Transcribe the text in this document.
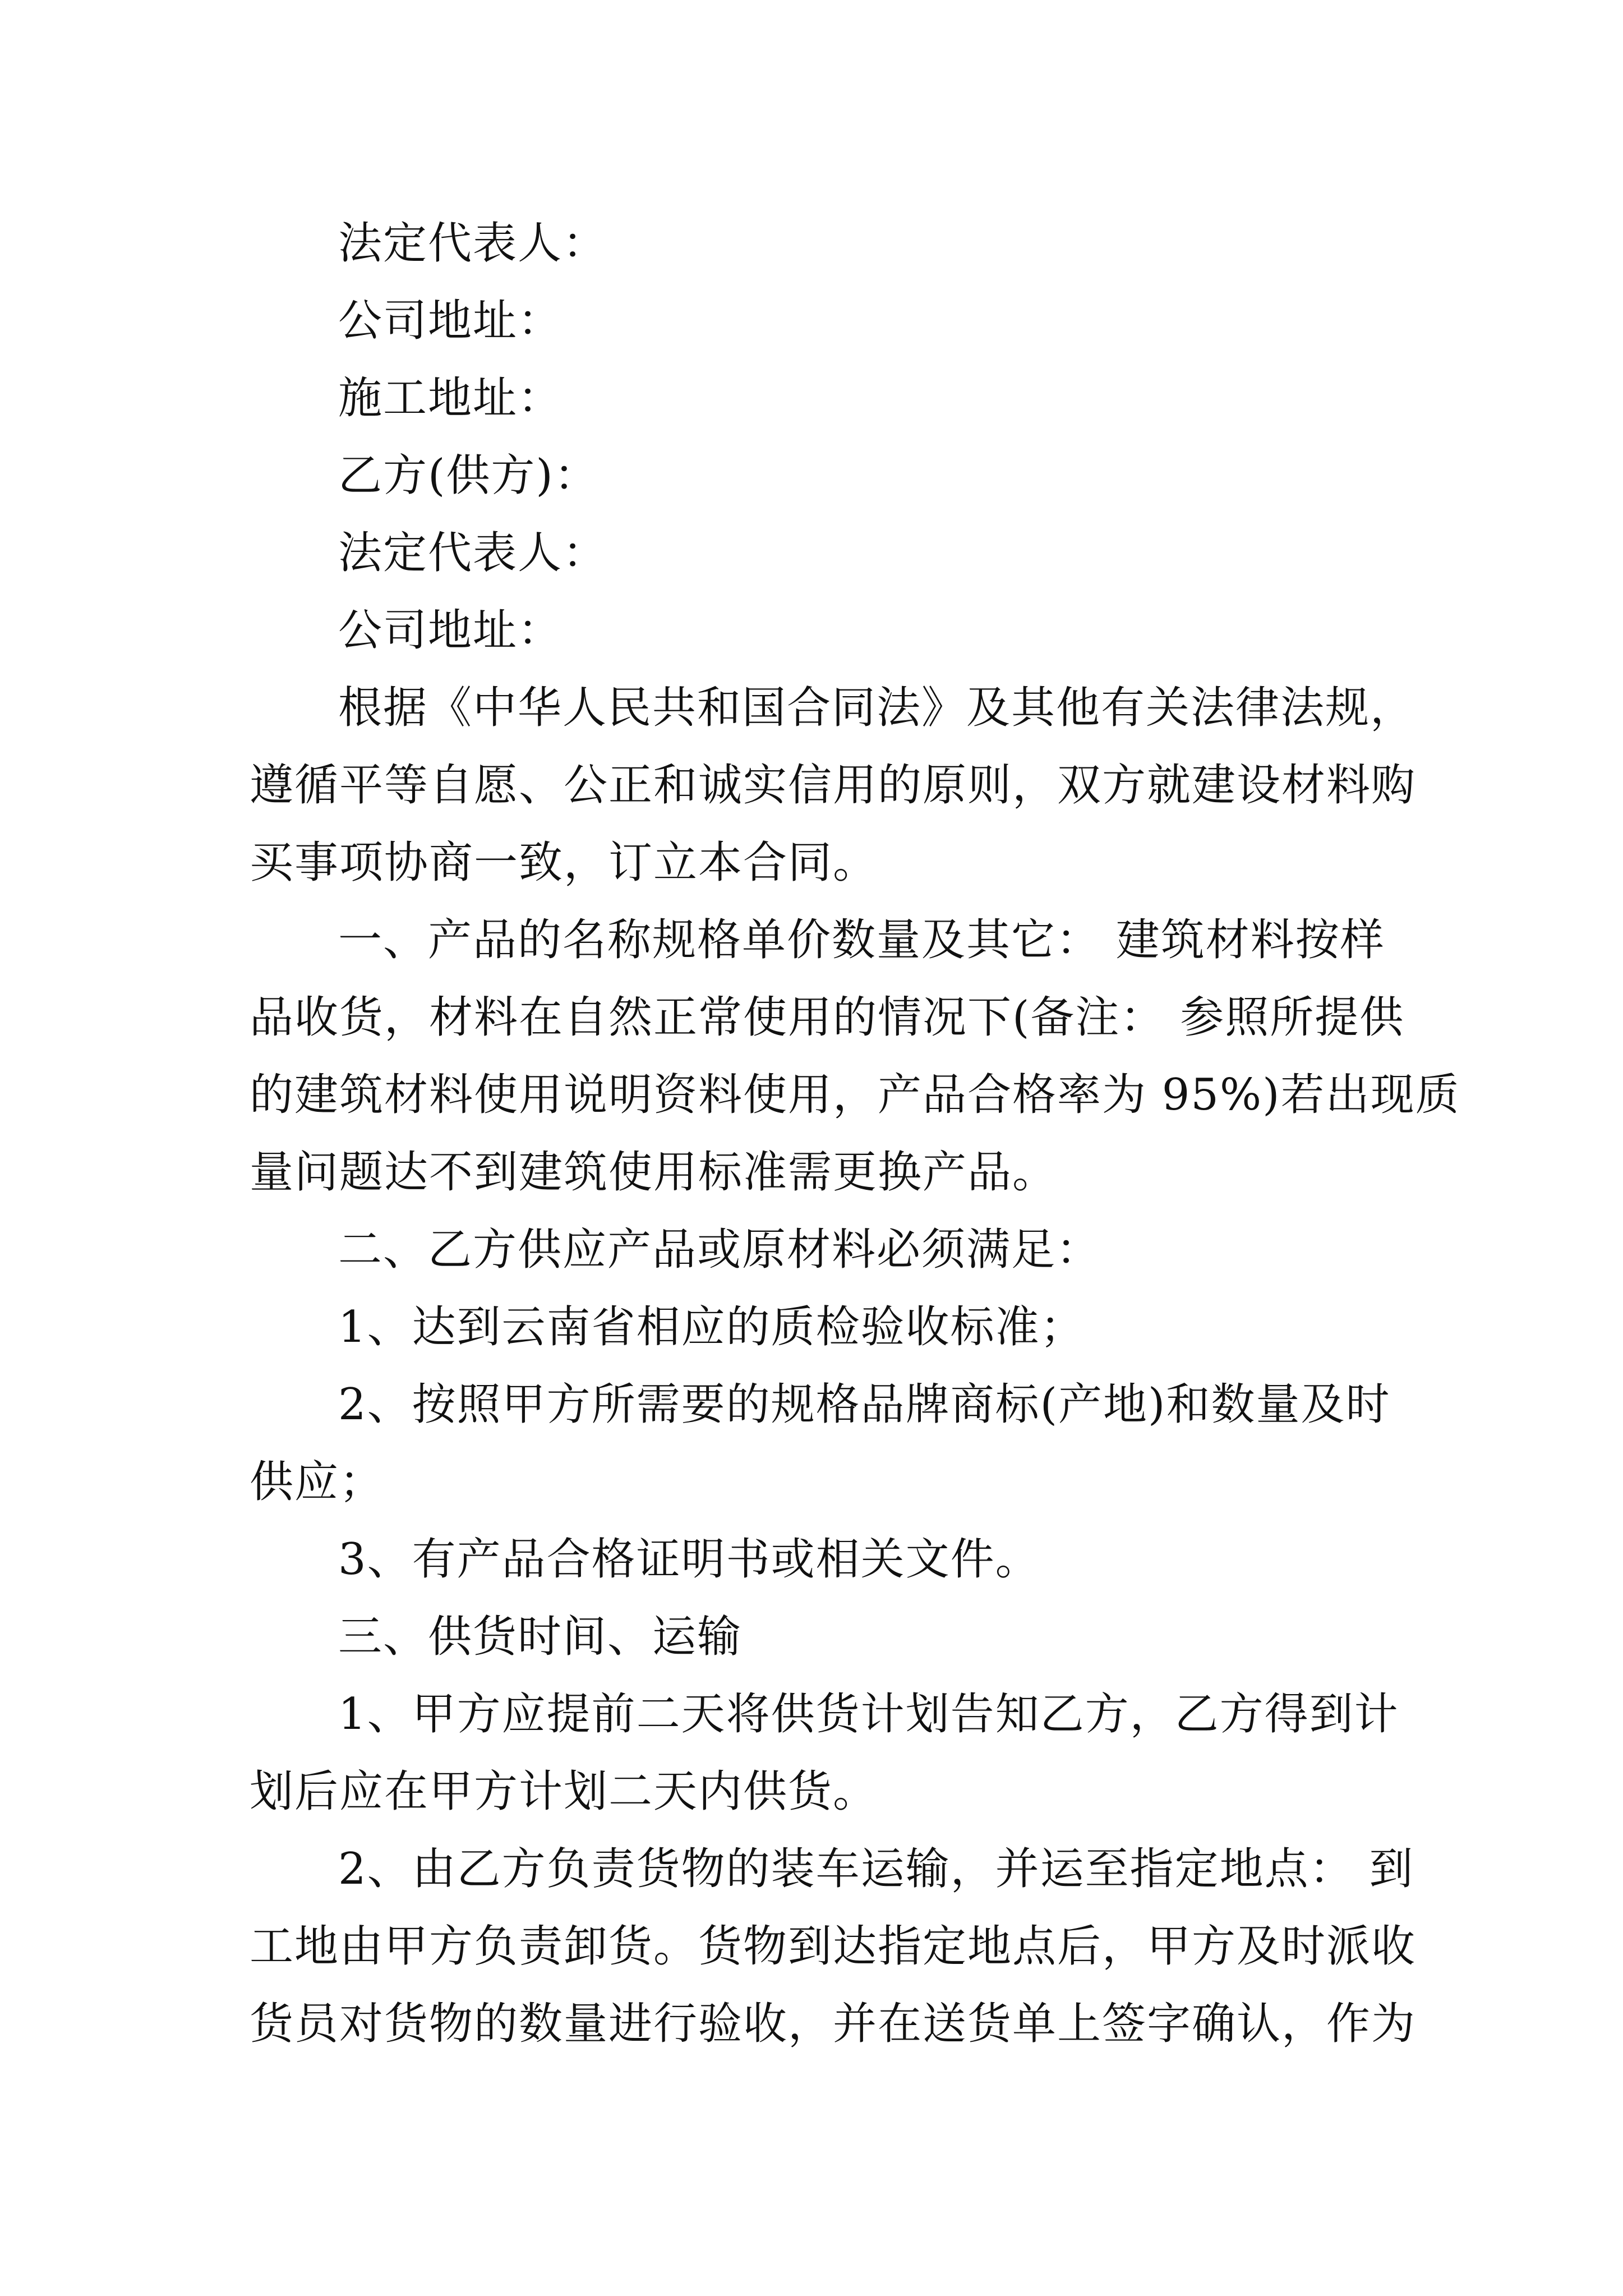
法定代表人：
公司地址：
施工地址：
乙方(供方)：
法定代表人：
公司地址：
根据《中华人民共和国合同法》及其他有关法律法规，
遵循平等自愿、公正和诚实信用的原则，双方就建设材料购
买事项协商一致，订立本合同。
一、产品的名称规格单价数量及其它： 建筑材料按样
品收货，材料在自然正常使用的情况下(备注： 参照所提供
的建筑材料使用说明资料使用，产品合格率为 95%)若出现质
量问题达不到建筑使用标准需更换产品。
二、乙方供应产品或原材料必须满足：
1、达到云南省相应的质检验收标准；
2、按照甲方所需要的规格品牌商标(产地)和数量及时
供应；
3、有产品合格证明书或相关文件。
三、供货时间、运输
1、甲方应提前二天将供货计划告知乙方，乙方得到计
划后应在甲方计划二天内供货。
2、由乙方负责货物的装车运输，并运至指定地点： 到
工地由甲方负责卸货。货物到达指定地点后，甲方及时派收
货员对货物的数量进行验收，并在送货单上签字确认，作为
